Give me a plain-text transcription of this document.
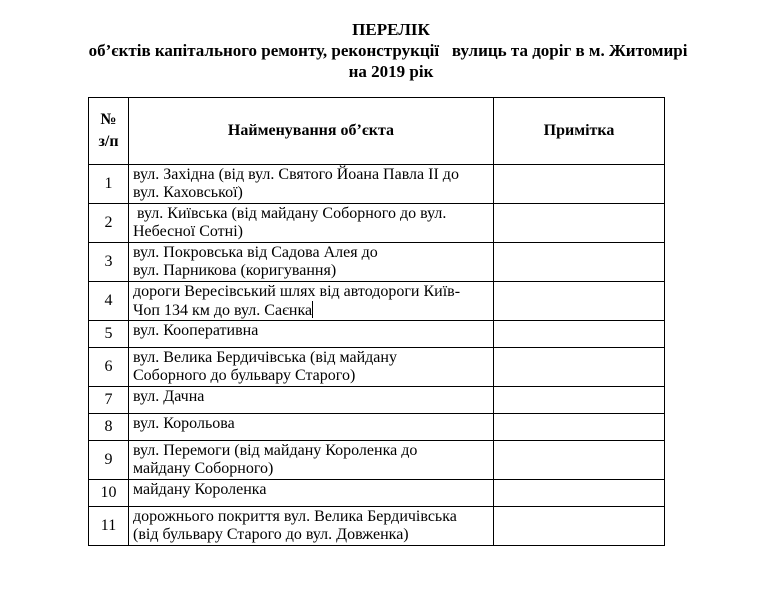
ПЕРЕЛІК
об’єктів капітального ремонту, реконструкції   вулиць та доріг в м. Житомирі
на 2019 рік
№
з/п	Найменування об’єкта	Примітка
1	вул. Західна (від вул. Святого Йоана Павла ІІ до
вул. Каховської)	
2	вул. Київська (від майдану Соборного до вул.
Небесної Сотні)	
3	вул. Покровська від Садова Алея до
вул. Парникова (коригування)	
4	дороги Вересівський шлях від автодороги Київ-
Чоп 134 км до вул. Саєнка	
5	вул. Кооперативна	
6	вул. Велика Бердичівська (від майдану
Соборного до бульвару Старого)	
7	вул. Дачна	
8	вул. Корольова	
9	вул. Перемоги (від майдану Короленка до
майдану Соборного)	
10	майдану Короленка	
11	дорожнього покриття вул. Велика Бердичівська
(від бульвару Старого до вул. Довженка)	
